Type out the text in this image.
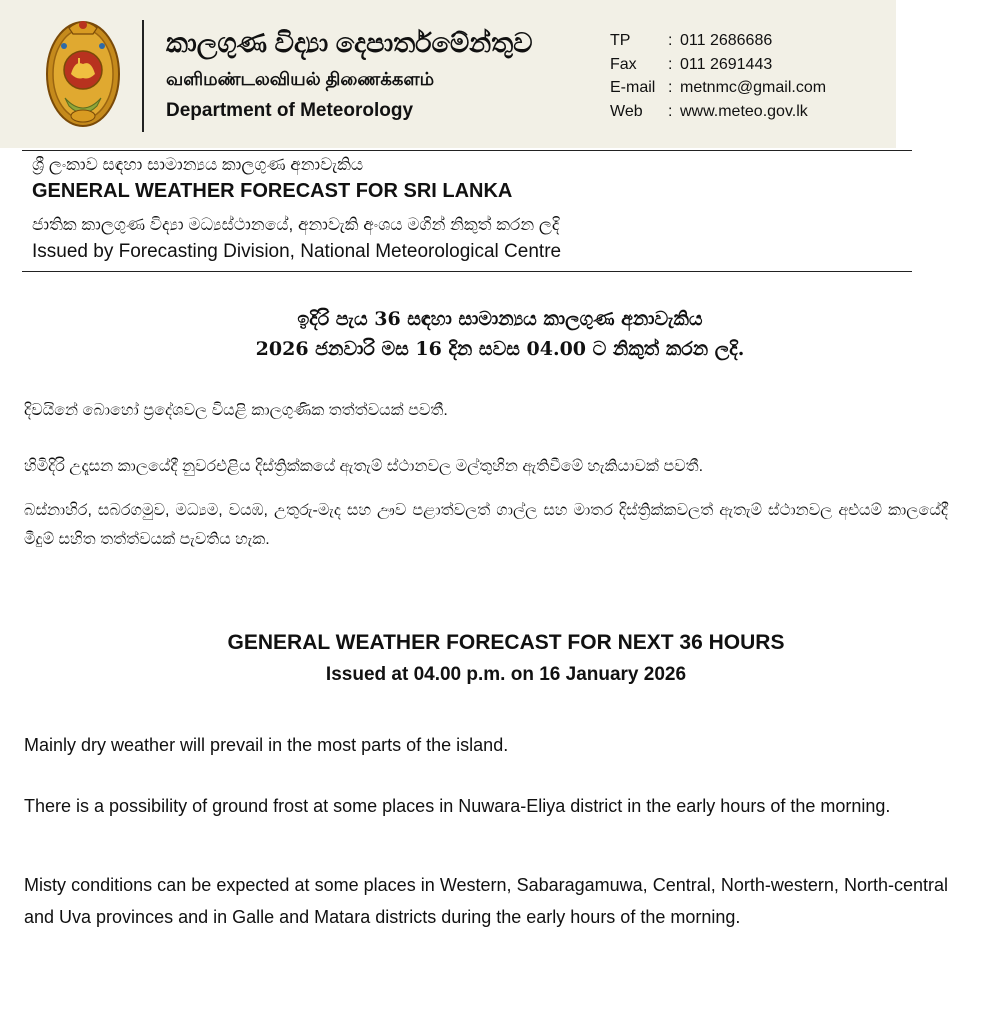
කාලගුණ විද්‍යා දෙපාර්තමේන්තුව
வளிமண்டலவியல் திணைக்களம்
Department of Meteorology
TP	: 011 2686686
Fax	: 011 2691443
E-mail : metnmc@gmail.com
Web	: www.meteo.gov.lk
ශ්‍රී ලංකාව සඳහා සාමාන්‍යය කාලගුණ අනාවැකිය
GENERAL WEATHER FORECAST FOR SRI LANKA
ජාතික කාලගුණ විද්‍යා මධ්‍යස්ථානයේ, අනාවැකි අංශය මගින් නිකුත් කරන ලදි
Issued by Forecasting Division, National Meteorological Centre
ඉදිරි පැය 36 සඳහා සාමාන්‍යය කාලගුණ අනාවැකිය
2026 ජනවාරි මස 16 දින සවස 04.00 ට නිකුත් කරන ලදි.
දිවයිනේ බොහෝ ප්‍රදේශවල වියළි කාලගුණික තත්ත්වයක් පවතී.
හිමිදිරි උදෑසන කාලයේදී නුවරඑළිය දිස්ත්‍රික්කයේ ඇතැම් ස්ථානවල මල්තුහින ඇතිවීමේ හැකියාවක් පවතී.
බස්නාහිර, සබරගමුව, මධ්‍යම, වයඹ, උතුරු-මැද සහ ඌව පළාත්වලත් ගාල්ල සහ මාතර දිස්ත්‍රික්කවලත් ඇතැම් ස්ථානවල අළුයම් කාලයේදී මීදුම් සහිත තත්ත්වයක් පැවතිය හැක.
GENERAL WEATHER FORECAST FOR NEXT 36 HOURS
Issued at 04.00 p.m. on 16 January 2026
Mainly dry weather will prevail in the most parts of the island.
There is a possibility of ground frost at some places in Nuwara-Eliya district in the early hours of the morning.
Misty conditions can be expected at some places in Western, Sabaragamuwa, Central, North-western, North-central and Uva provinces and in Galle and Matara districts during the early hours of the morning.
